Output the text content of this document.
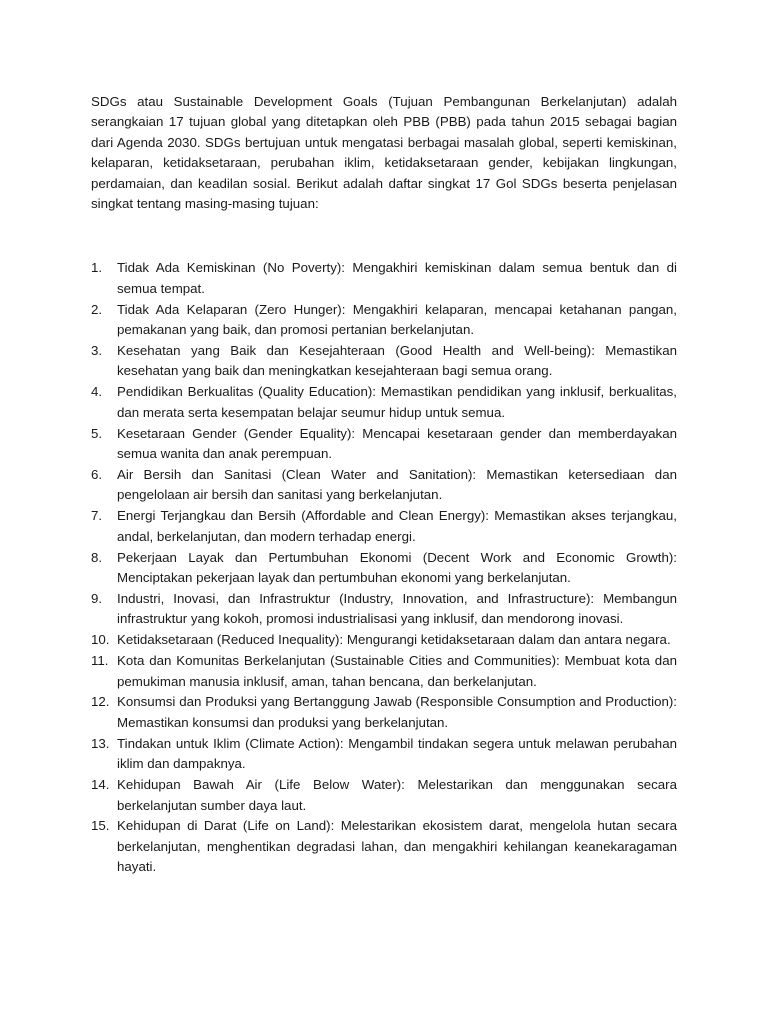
SDGs atau Sustainable Development Goals (Tujuan Pembangunan Berkelanjutan) adalah serangkaian 17 tujuan global yang ditetapkan oleh PBB (PBB) pada tahun 2015 sebagai bagian dari Agenda 2030. SDGs bertujuan untuk mengatasi berbagai masalah global, seperti kemiskinan, kelaparan, ketidaksetaraan, perubahan iklim, ketidaksetaraan gender, kebijakan lingkungan, perdamaian, dan keadilan sosial. Berikut adalah daftar singkat 17 Gol SDGs beserta penjelasan singkat tentang masing-masing tujuan:

1.	Tidak Ada Kemiskinan (No Poverty): Mengakhiri kemiskinan dalam semua bentuk dan di semua tempat.
2.	Tidak Ada Kelaparan (Zero Hunger): Mengakhiri kelaparan, mencapai ketahanan pangan, pemakanan yang baik, dan promosi pertanian berkelanjutan.
3.	Kesehatan yang Baik dan Kesejahteraan (Good Health and Well-being): Memastikan kesehatan yang baik dan meningkatkan kesejahteraan bagi semua orang.
4.	Pendidikan Berkualitas (Quality Education): Memastikan pendidikan yang inklusif, berkualitas, dan merata serta kesempatan belajar seumur hidup untuk semua.
5.	Kesetaraan Gender (Gender Equality): Mencapai kesetaraan gender dan memberdayakan semua wanita dan anak perempuan.
6.	Air Bersih dan Sanitasi (Clean Water and Sanitation): Memastikan ketersediaan dan pengelolaan air bersih dan sanitasi yang berkelanjutan.
7.	Energi Terjangkau dan Bersih (Affordable and Clean Energy): Memastikan akses terjangkau, andal, berkelanjutan, dan modern terhadap energi.
8.	Pekerjaan Layak dan Pertumbuhan Ekonomi (Decent Work and Economic Growth): Menciptakan pekerjaan layak dan pertumbuhan ekonomi yang berkelanjutan.
9.	Industri, Inovasi, dan Infrastruktur (Industry, Innovation, and Infrastructure): Membangun infrastruktur yang kokoh, promosi industrialisasi yang inklusif, dan mendorong inovasi.
10. Ketidaksetaraan (Reduced Inequality): Mengurangi ketidaksetaraan dalam dan antara negara.
11. Kota dan Komunitas Berkelanjutan (Sustainable Cities and Communities): Membuat kota dan pemukiman manusia inklusif, aman, tahan bencana, dan berkelanjutan.
12. Konsumsi dan Produksi yang Bertanggung Jawab (Responsible Consumption and Production): Memastikan konsumsi dan produksi yang berkelanjutan.
13. Tindakan untuk Iklim (Climate Action): Mengambil tindakan segera untuk melawan perubahan iklim dan dampaknya.
14. Kehidupan Bawah Air (Life Below Water): Melestarikan dan menggunakan secara berkelanjutan sumber daya laut.
15. Kehidupan di Darat (Life on Land): Melestarikan ekosistem darat, mengelola hutan secara berkelanjutan, menghentikan degradasi lahan, dan mengakhiri kehilangan keanekaragaman hayati.
